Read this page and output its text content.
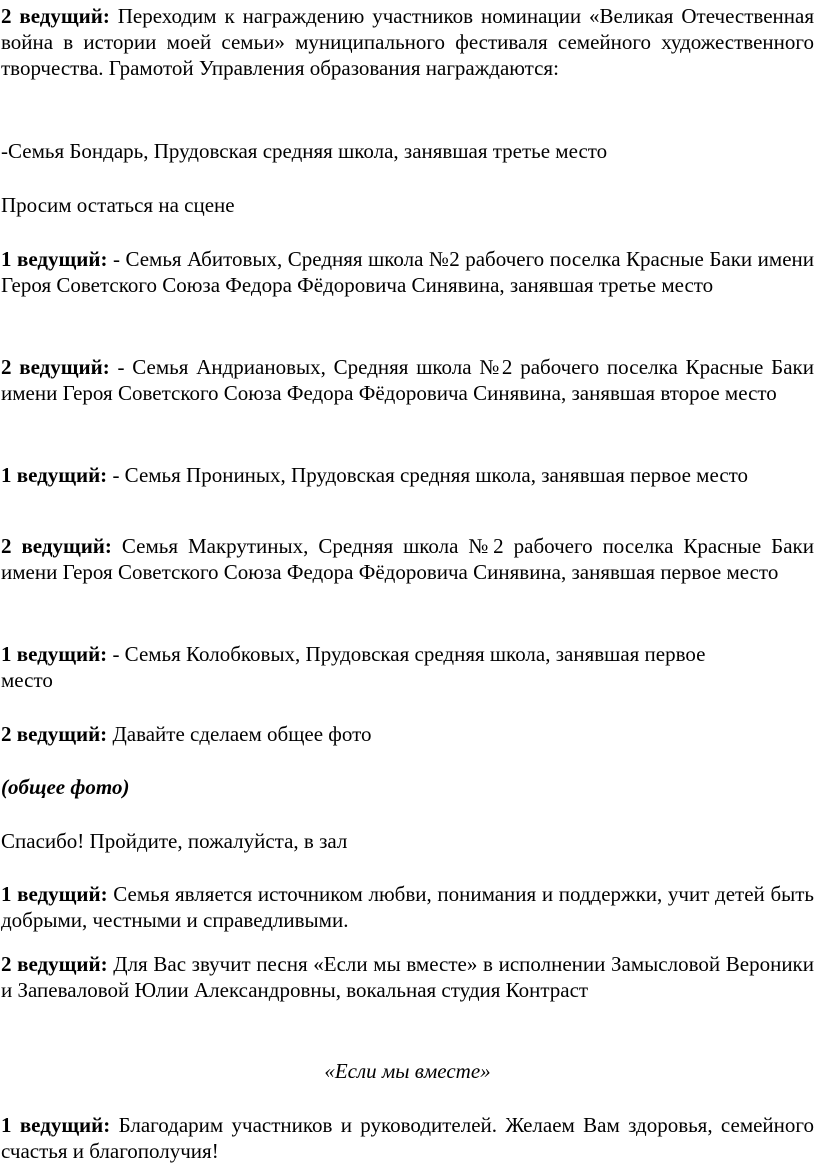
2 ведущий: Переходим к награждению участников номинации «Великая Отечественная война в истории моей семьи» муниципального фестиваля семейного художественного творчества. Грамотой Управления образования награждаются:

-Семья Бондарь, Прудовская средняя школа, занявшая третье место

Просим остаться на сцене

1 ведущий: - Семья Абитовых, Средняя школа №2 рабочего поселка Красные Баки имени Героя Советского Союза Федора Фёдоровича Синявина, занявшая третье место

2 ведущий: - Семья Андриановых, Средняя школа №2 рабочего поселка Красные Баки имени Героя Советского Союза Федора Фёдоровича Синявина, занявшая второе место

1 ведущий: - Семья Прониных, Прудовская средняя школа, занявшая первое место

2 ведущий: Семья Макрутиных, Средняя школа №2 рабочего поселка Красные Баки имени Героя Советского Союза Федора Фёдоровича Синявина, занявшая первое место

1 ведущий: - Семья Колобковых, Прудовская средняя школа, занявшая первое место

2 ведущий: Давайте сделаем общее фото

(общее фото)

Спасибо! Пройдите, пожалуйста, в зал

1 ведущий: Семья является источником любви, понимания и поддержки, учит детей быть добрыми, честными и справедливыми.

2 ведущий: Для Вас звучит песня «Если мы вместе» в исполнении Замысловой Вероники и Запеваловой Юлии Александровны, вокальная студия Контраст

«Если мы вместе»

1 ведущий: Благодарим участников и руководителей. Желаем Вам здоровья, семейного счастья и благополучия!
